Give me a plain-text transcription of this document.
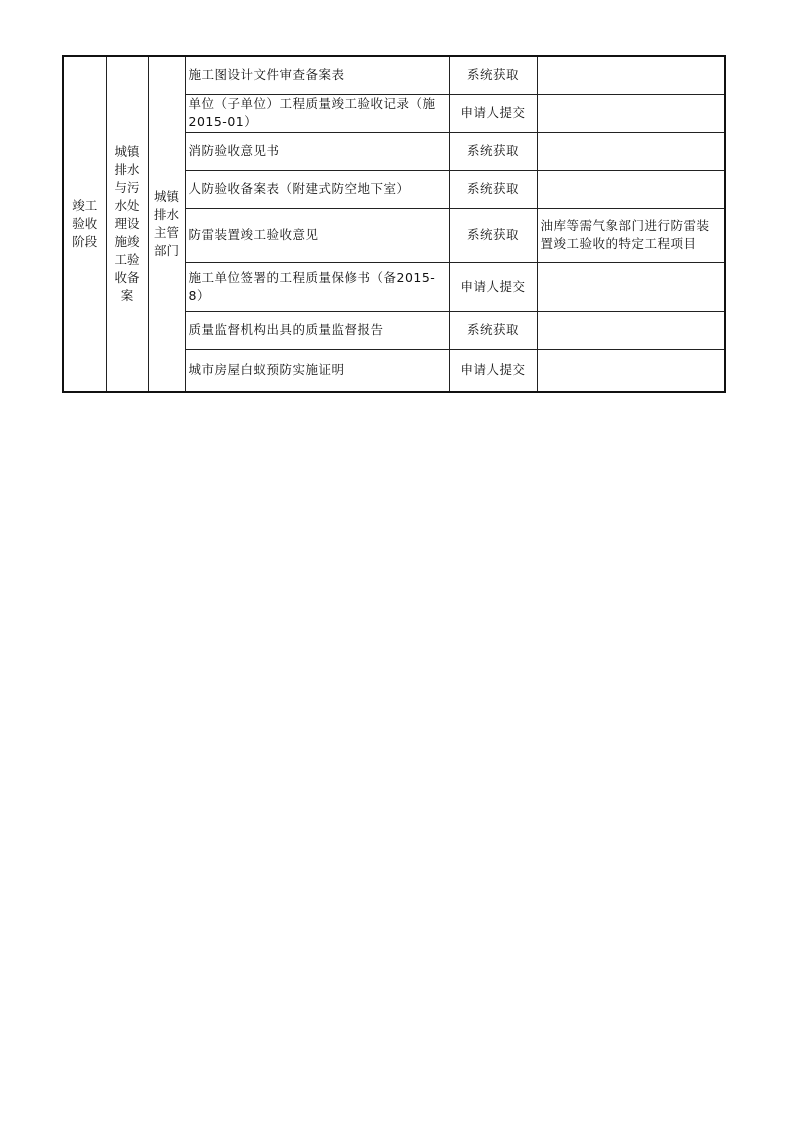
竣工验收阶段	城镇排水与污水处理设施竣工验收备案	城镇排水主管部门	施工图设计文件审查备案表	系统获取	
			单位（子单位）工程质量竣工验收记录（施2015-01）	申请人提交	
			消防验收意见书	系统获取	
			人防验收备案表（附建式防空地下室）	系统获取	
			防雷装置竣工验收意见	系统获取	油库等需气象部门进行防雷装置竣工验收的特定工程项目
			施工单位签署的工程质量保修书（备2015-8）	申请人提交	
			质量监督机构出具的质量监督报告	系统获取	
			城市房屋白蚁预防实施证明	申请人提交	
